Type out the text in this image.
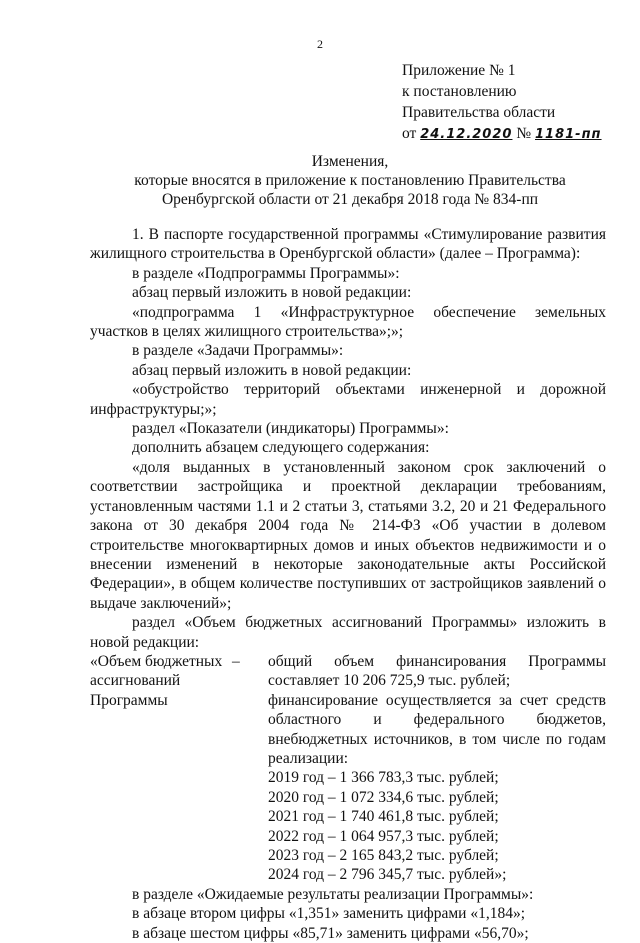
2
Приложение № 1
к постановлению
Правительства области
от 24.12.2020 № 1181-пп
Изменения,
которые вносятся в приложение к постановлению Правительства
Оренбургской области от 21 декабря 2018 года № 834-пп

1. В паспорте государственной программы «Стимулирование развития жилищного строительства в Оренбургской области» (далее – Программа):

в разделе «Подпрограммы Программы»:

абзац первый изложить в новой редакции:

«подпрограмма 1 «Инфраструктурное обеспечение земельных участков в целях жилищного строительства»;»;

в разделе «Задачи Программы»:

абзац первый изложить в новой редакции:

«обустройство территорий объектами инженерной и дорожной инфраструктуры;»;

раздел «Показатели (индикаторы) Программы»:

дополнить абзацем следующего содержания:

«доля выданных в установленный законом срок заключений о соответствии застройщика и проектной декларации требованиям, установленным частями 1.1 и 2 статьи 3, статьями 3.2, 20 и 21 Федерального закона от 30 декабря 2004 года № 214-ФЗ «Об участии в долевом строительстве многоквартирных домов и иных объектов недвижимости и о внесении изменений в некоторые законодательные акты Российской Федерации», в общем количестве поступивших от застройщиков заявлений о выдаче заключений»;

раздел «Объем бюджетных ассигнований Программы» изложить в новой редакции:

«Объем бюджетных ассигнований Программы
–	общий объем финансирования Программы составляет 10 206 725,9 тыс. рублей;

финансирование осуществляется за счет средств областного и федерального бюджетов, внебюджетных источников, в том числе по годам реализации:

2019 год – 1 366 783,3 тыс. рублей;

2020 год – 1 072 334,6 тыс. рублей;

2021 год – 1 740 461,8 тыс. рублей;

2022 год – 1 064 957,3 тыс. рублей;

2023 год – 2 165 843,2 тыс. рублей;

2024 год – 2 796 345,7 тыс. рублей»;

в разделе «Ожидаемые результаты реализации Программы»:

в абзаце втором цифры «1,351» заменить цифрами «1,184»;

в абзаце шестом цифры «85,71» заменить цифрами «56,70»;
